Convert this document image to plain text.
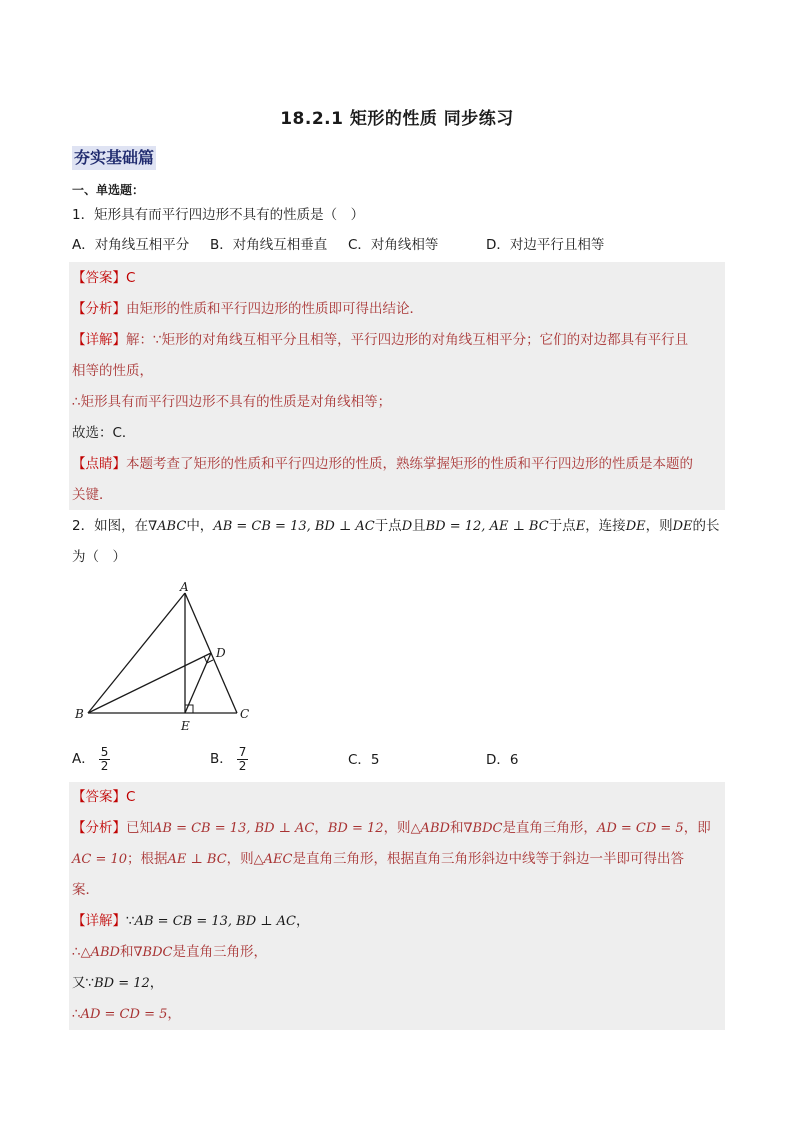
18.2.1 矩形的性质 同步练习
夯实基础篇
一、单选题：
1．矩形具有而平行四边形不具有的性质是（　）
A．对角线互相平分 B．对角线互相垂直 C．对角线相等	D．对边平行且相等
【答案】C
【分析】由矩形的性质和平行四边形的性质即可得出结论．
【详解】解：∵矩形的对角线互相平分且相等，平行四边形的对角线互相平分；它们的对边都具有平行且
相等的性质，
∴矩形具有而平行四边形不具有的性质是对角线相等；
故选：C．
【点睛】本题考查了矩形的性质和平行四边形的性质，熟练掌握矩形的性质和平行四边形的性质是本题的
关键．
2．如图，在∇ABC中，AB = CB = 13, BD ⊥ AC于点D且BD = 12, AE ⊥ BC于点E，连接DE，则DE的长
为（　）
A
B	C
D
E
A． $\frac{5}{2}$	B． $\frac{7}{2}$	C．5	D．6
【答案】C
【分析】已知AB = CB = 13, BD ⊥ AC，BD = 12，则△ABD和∇BDC是直角三角形，AD = CD = 5，即
AC = 10；根据AE ⊥ BC，则△AEC是直角三角形，根据直角三角形斜边中线等于斜边一半即可得出答
案．
【详解】∵AB = CB = 13, BD ⊥ AC，
∴△ABD和∇BDC是直角三角形，
又∵BD = 12，
∴AD = CD = 5，
